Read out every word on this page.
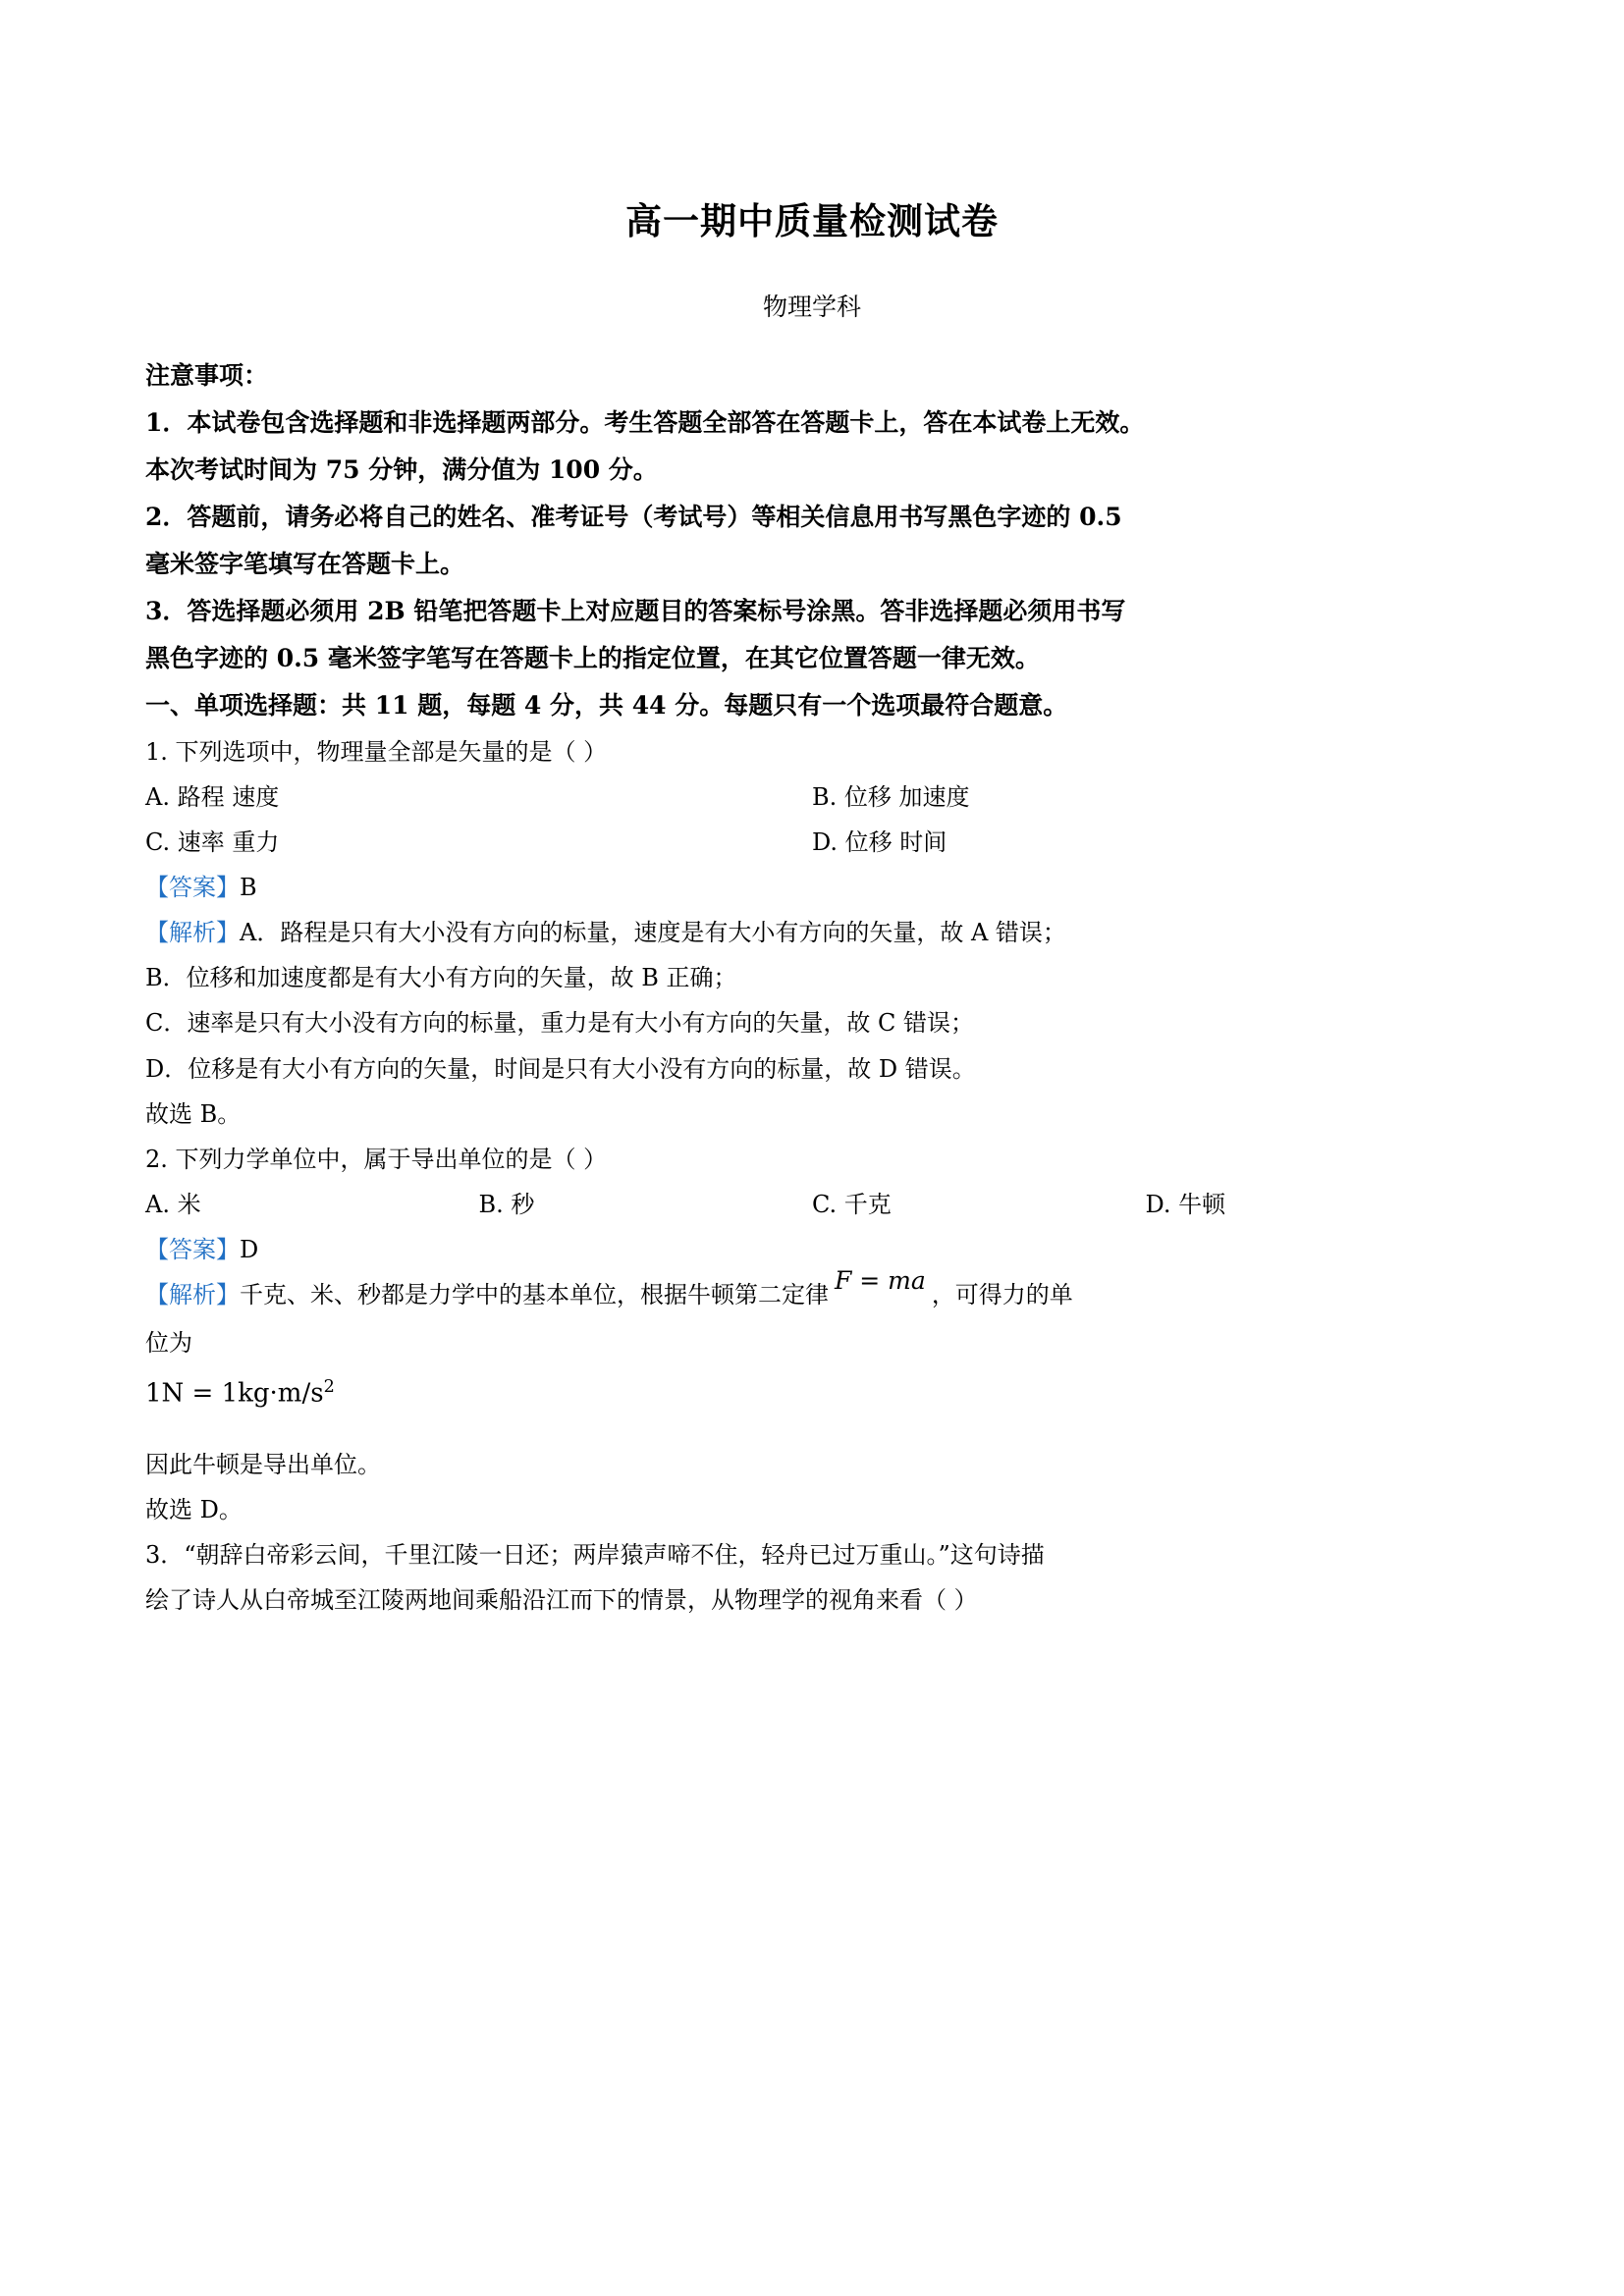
高一期中质量检测试卷
物理学科
注意事项：
1．本试卷包含选择题和非选择题两部分。考生答题全部答在答题卡上，答在本试卷上无效。
本次考试时间为 75 分钟，满分值为 100 分。
2．答题前，请务必将自己的姓名、准考证号（考试号）等相关信息用书写黑色字迹的 0.5
毫米签字笔填写在答题卡上。
3．答选择题必须用 2B 铅笔把答题卡上对应题目的答案标号涂黑。答非选择题必须用书写
黑色字迹的 0.5 毫米签字笔写在答题卡上的指定位置，在其它位置答题一律无效。
一、单项选择题：共 11 题，每题 4 分，共 44 分。每题只有一个选项最符合题意。
1. 下列选项中，物理量全部是矢量的是（ ）
A. 路程 速度	B. 位移 加速度
C. 速率 重力	D. 位移 时间
【答案】B
【解析】A．路程是只有大小没有方向的标量，速度是有大小有方向的矢量，故 A 错误；
B．位移和加速度都是有大小有方向的矢量，故 B 正确；
C．速率是只有大小没有方向的标量，重力是有大小有方向的矢量，故 C 错误；
D．位移是有大小有方向的矢量，时间是只有大小没有方向的标量，故 D 错误。
故选 B。
2. 下列力学单位中，属于导出单位的是（ ）
A. 米	B. 秒	C. 千克	D. 牛顿
【答案】D
【解析】千克、米、秒都是力学中的基本单位，根据牛顿第二定律 F = ma ，可得力的单
位为
$1N = 1kg\cdot m/s^2$
因此牛顿是导出单位。
故选 D。
3．“朝辞白帝彩云间，千里江陵一日还；两岸猿声啼不住，轻舟已过万重山。”这句诗描
绘了诗人从白帝城至江陵两地间乘船沿江而下的情景，从物理学的视角来看（ ）
